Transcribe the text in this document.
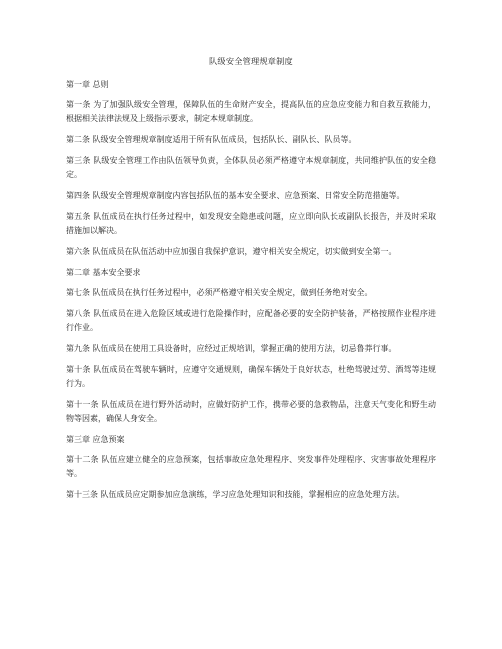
队级安全管理规章制度

第一章 总则

第一条 为了加强队级安全管理，保障队伍的生命财产安全，提高队伍的应急应变能力和自救互救能力，根据相关法律法规及上级指示要求，制定本规章制度。

第二条 队级安全管理规章制度适用于所有队伍成员，包括队长、副队长、队员等。

第三条 队级安全管理工作由队伍领导负责，全体队员必须严格遵守本规章制度，共同维护队伍的安全稳定。

第四条 队级安全管理规章制度内容包括队伍的基本安全要求、应急预案、日常安全防范措施等。

第五条 队伍成员在执行任务过程中，如发现安全隐患或问题，应立即向队长或副队长报告，并及时采取措施加以解决。

第六条 队伍成员在队伍活动中应加强自我保护意识，遵守相关安全规定，切实做到安全第一。

第二章 基本安全要求

第七条 队伍成员在执行任务过程中，必须严格遵守相关安全规定，做到任务绝对安全。

第八条 队伍成员在进入危险区域或进行危险操作时，应配备必要的安全防护装备，严格按照作业程序进行作业。

第九条 队伍成员在使用工具设备时，应经过正规培训，掌握正确的使用方法，切忌鲁莽行事。

第十条 队伍成员在驾驶车辆时，应遵守交通规则，确保车辆处于良好状态，杜绝驾驶过劳、酒驾等违规行为。

第十一条 队伍成员在进行野外活动时，应做好防护工作，携带必要的急救物品，注意天气变化和野生动物等因素，确保人身安全。

第三章 应急预案

第十二条 队伍应建立健全的应急预案，包括事故应急处理程序、突发事件处理程序、灾害事故处理程序等。

第十三条 队伍成员应定期参加应急演练，学习应急处理知识和技能，掌握相应的应急处理方法。
